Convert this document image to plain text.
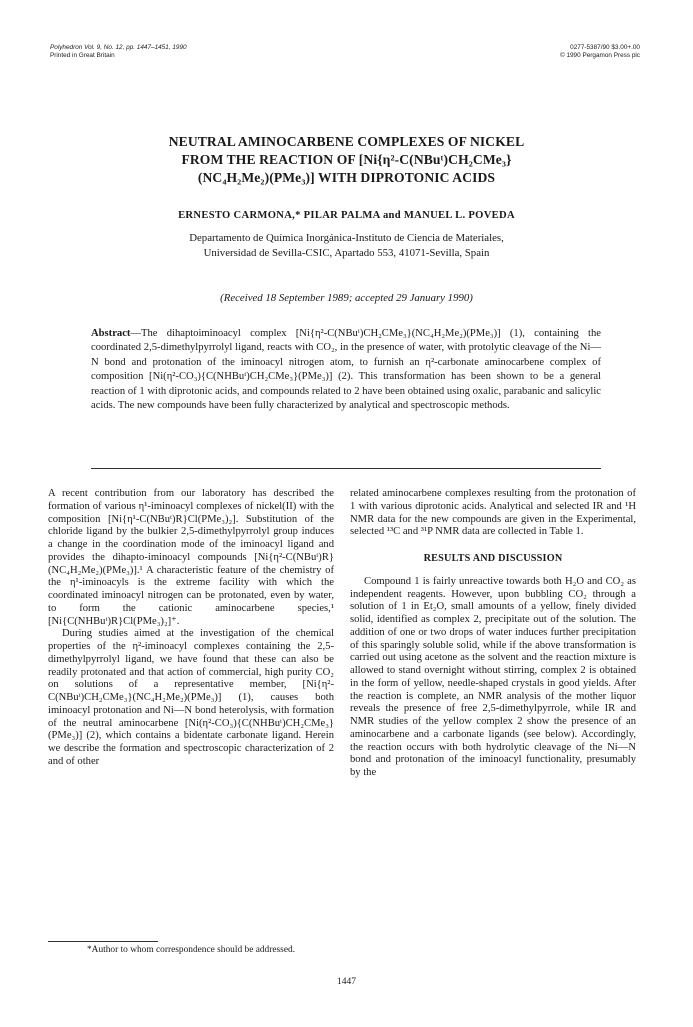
Polyhedron Vol. 9, No. 12, pp. 1447–1451, 1990
Printed in Great Britain
0277-5387/90 $3.00+.00
© 1990 Pergamon Press plc
NEUTRAL AMINOCARBENE COMPLEXES OF NICKEL
FROM THE REACTION OF [Ni{η²-C(NBuᵗ)CH₂CMe₃}
(NC₄H₂Me₂)(PMe₃)] WITH DIPROTONIC ACIDS
ERNESTO CARMONA,* PILAR PALMA and MANUEL L. POVEDA
Departamento de Química Inorgánica-Instituto de Ciencia de Materiales,
Universidad de Sevilla-CSIC, Apartado 553, 41071-Sevilla, Spain
(Received 18 September 1989; accepted 29 January 1990)
Abstract—The dihaptoiminoacyl complex [Ni{η²-C(NBuᵗ)CH₂CMe₃}(NC₄H₂Me₂)(PMe₃)] (1), containing the coordinated 2,5-dimethylpyrrolyl ligand, reacts with CO₂, in the presence of water, with protolytic cleavage of the Ni—N bond and protonation of the iminoacyl nitrogen atom, to furnish an η²-carbonate aminocarbene complex of composition [Ni(η²-CO₃){C(NHBuᵗ)CH₂CMe₃}(PMe₃)] (2). This transformation has been shown to be a general reaction of 1 with diprotonic acids, and compounds related to 2 have been obtained using oxalic, parabanic and salicylic acids. The new compounds have been fully characterized by analytical and spectroscopic methods.

A recent contribution from our laboratory has described the formation of various η¹-iminoacyl complexes of nickel(II) with the composition [Ni{η¹-C(NBuᵗ)R}Cl(PMe₃)₂]. Substitution of the chloride ligand by the bulkier 2,5-dimethylpyrrolyl group induces a change in the coordination mode of the iminoacyl ligand and provides the dihapto-iminoacyl compounds [Ni{η²-C(NBuᵗ)R}(NC₄H₂Me₂)(PMe₃)].¹ A characteristic feature of the chemistry of the η¹-iminoacyls is the extreme facility with which the coordinated iminoacyl nitrogen can be protonated, even by water, to form the cationic aminocarbene species,¹ [Ni{C(NHBuᵗ)R}Cl(PMe₃)₂]⁺.

During studies aimed at the investigation of the chemical properties of the η²-iminoacyl complexes containing the 2,5-dimethylpyrrolyl ligand, we have found that these can also be readily protonated and that action of commercial, high purity CO₂ on solutions of a representative member, [Ni{η²-C(NBuᵗ)CH₂CMe₃}(NC₄H₂Me₂)(PMe₃)] (1), causes both iminoacyl protonation and Ni—N bond heterolysis, with formation of the neutral aminocarbene [Ni(η²-CO₃){C(NHBuᵗ)CH₂CMe₃}(PMe₃)] (2), which contains a bidentate carbonate ligand. Herein we describe the formation and spectroscopic characterization of 2 and of other

related aminocarbene complexes resulting from the protonation of 1 with various diprotonic acids. Analytical and selected IR and ¹H NMR data for the new compounds are given in the Experimental, selected ¹³C and ³¹P NMR data are collected in Table 1.

RESULTS AND DISCUSSION

Compound 1 is fairly unreactive towards both H₂O and CO₂ as independent reagents. However, upon bubbling CO₂ through a solution of 1 in Et₂O, small amounts of a yellow, finely divided solid, identified as complex 2, precipitate out of the solution. The addition of one or two drops of water induces further precipitation of this sparingly soluble solid, while if the above transformation is carried out using acetone as the solvent and the reaction mixture is allowed to stand overnight without stirring, complex 2 is obtained in the form of yellow, needle-shaped crystals in good yields. After the reaction is complete, an NMR analysis of the mother liquor reveals the presence of free 2,5-dimethylpyrrole, while IR and NMR studies of the yellow complex 2 show the presence of an aminocarbene and a carbonate ligands (see below). Accordingly, the reaction occurs with both hydrolytic cleavage of the Ni—N bond and protonation of the iminoacyl functionality, presumably by the

*Author to whom correspondence should be addressed.
1447
